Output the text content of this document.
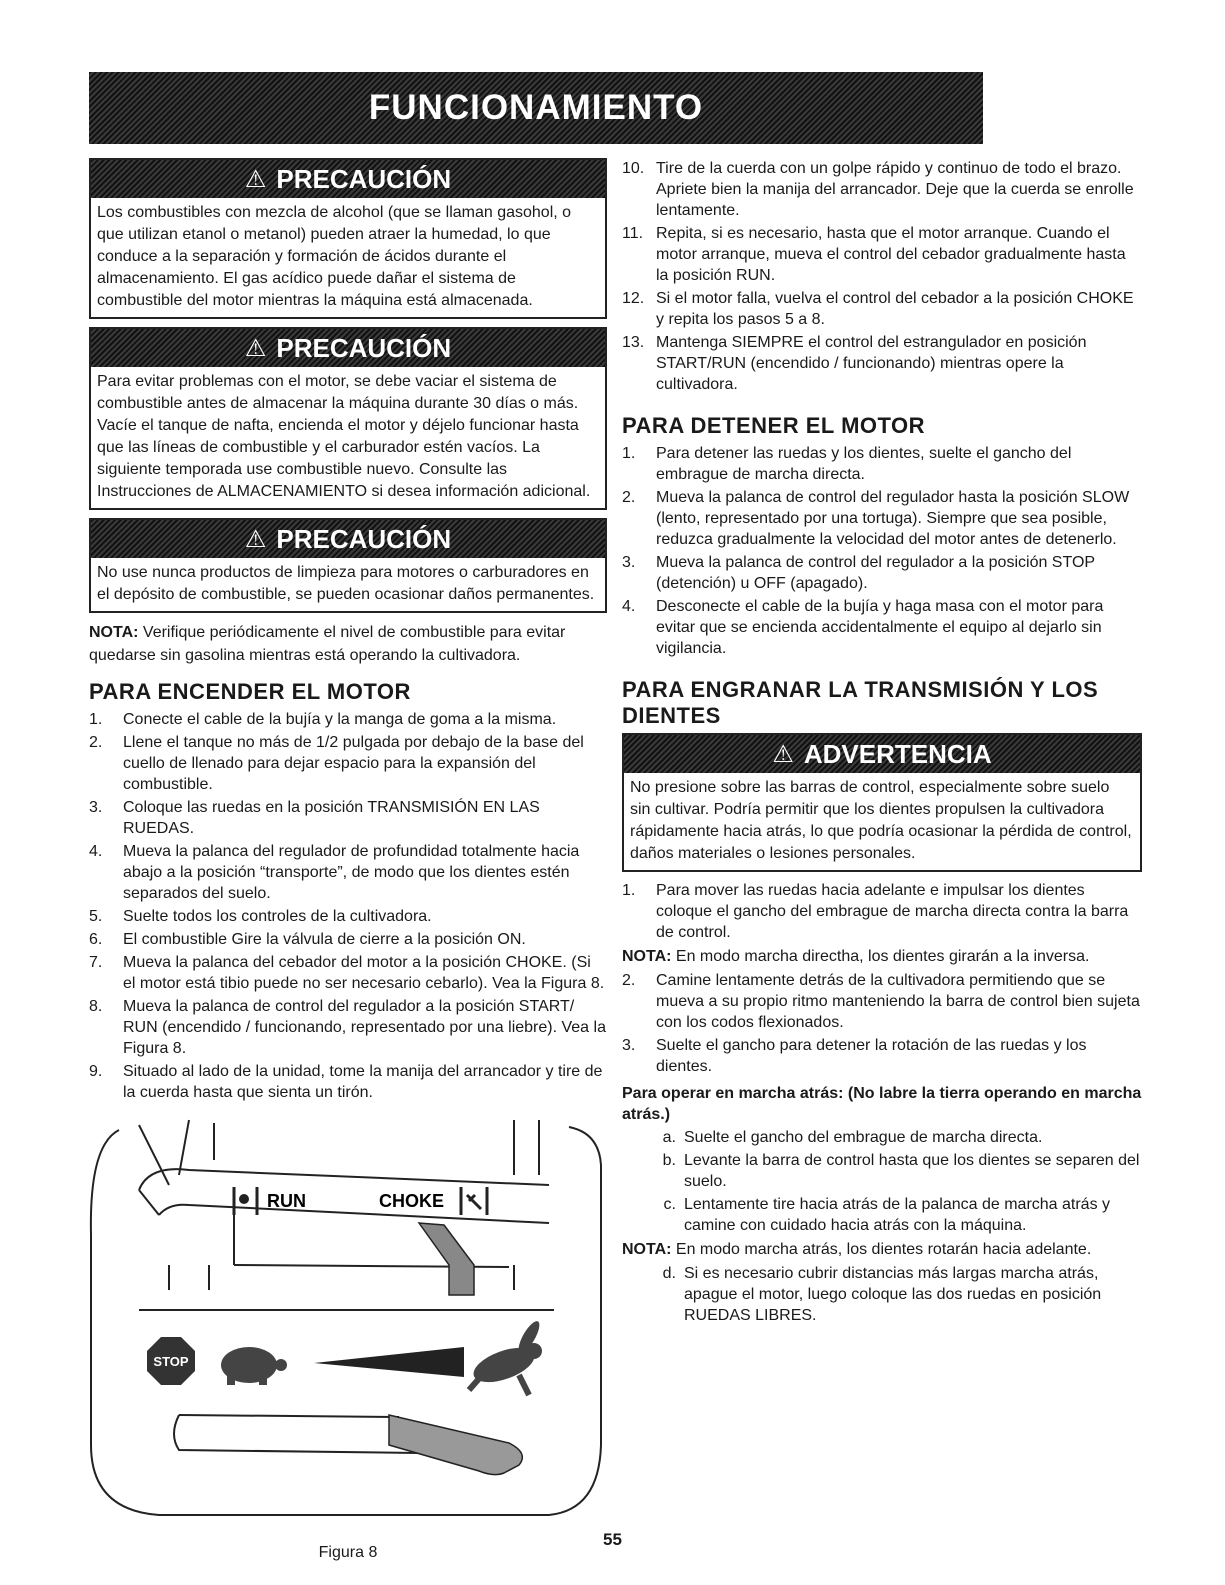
FUNCIONAMIENTO
⚠ PRECAUCIÓN
Los combustibles con mezcla de alcohol (que se llaman gasohol, o que utilizan etanol o metanol) pueden atraer la humedad, lo que conduce a la separación y formación de ácidos durante el almacenamiento. El gas acídico puede dañar el sistema de combustible del motor mientras la máquina está almacenada.
⚠ PRECAUCIÓN
Para evitar problemas con el motor, se debe vaciar el sistema de combustible antes de almacenar la máquina durante 30 días o más. Vacíe el tanque de nafta, encienda el motor y déjelo funcionar hasta que las líneas de combustible y el carburador estén vacíos. La siguiente temporada use combustible nuevo. Consulte las Instrucciones de ALMACENAMIENTO si desea información adicional.
⚠ PRECAUCIÓN
No use nunca productos de limpieza para motores o carburadores en el depósito de combustible, se pueden ocasionar daños permanentes.

NOTA: Verifique periódicamente el nivel de combustible para evitar quedarse sin gasolina mientras está operando la cultivadora.

PARA ENCENDER EL MOTOR
1.	Conecte el cable de la bujía y la manga de goma a la misma.
2.	Llene el tanque no más de 1/2 pulgada por debajo de la base del cuello de llenado para dejar espacio para la expansión del combustible.
3.	Coloque las ruedas en la posición TRANSMISIÓN EN LAS RUEDAS.
4.	Mueva la palanca del regulador de profundidad totalmente hacia abajo a la posición “transporte”, de modo que los dientes estén separados del suelo.
5.	Suelte todos los controles de la cultivadora.
6.	El combustible Gire la válvula de cierre a la posición ON.
7.	Mueva la palanca del cebador del motor a la posición CHOKE. (Si el motor está tibio puede no ser necesario cebarlo). Vea la Figura 8.
8.	Mueva la palanca de control del regulador a la posición START/ RUN (encendido / funcionando, representado por una liebre). Vea la Figura 8.
9.	Situado al lado de la unidad, tome la manija del arrancador y tire de la cuerda hasta que sienta un tirón.
RUN	CHOKE
STOP
Figura 8
10. Tire de la cuerda con un golpe rápido y continuo de todo el brazo. Apriete bien la manija del arrancador. Deje que la cuerda se enrolle lentamente.
11. Repita, si es necesario, hasta que el motor arranque. Cuando el motor arranque, mueva el control del cebador gradualmente hasta la posición RUN.
12. Si el motor falla, vuelva el control del cebador a la posición CHOKE y repita los pasos 5 a 8.
13. Mantenga SIEMPRE el control del estrangulador en posición START/RUN (encendido / funcionando) mientras opere la cultivadora.
PARA DETENER EL MOTOR
1.	Para detener las ruedas y los dientes, suelte el gancho del embrague de marcha directa.
2.	Mueva la palanca de control del regulador hasta la posición SLOW (lento, representado por una tortuga). Siempre que sea posible, reduzca gradualmente la velocidad del motor antes de detenerlo.
3.	Mueva la palanca de control del regulador a la posición STOP (detención) u OFF (apagado).
4.	Desconecte el cable de la bujía y haga masa con el motor para evitar que se encienda accidentalmente el equipo al dejarlo sin vigilancia.
PARA ENGRANAR LA TRANSMISIÓN Y LOS DIENTES
⚠ ADVERTENCIA
No presione sobre las barras de control, especialmente sobre suelo sin cultivar. Podría permitir que los dientes propulsen la cultivadora rápidamente hacia atrás, lo que podría ocasionar la pérdida de control, daños materiales o lesiones personales.
1.	Para mover las ruedas hacia adelante e impulsar los dientes coloque el gancho del embrague de marcha directa contra la barra de control.

NOTA: En modo marcha directha, los dientes girarán a la inversa.

2.	Camine lentamente detrás de la cultivadora permitiendo que se mueva a su propio ritmo manteniendo la barra de control bien sujeta con los codos flexionados.
3.	Suelte el gancho para detener la rotación de las ruedas y los dientes.
Para operar en marcha atrás: (No labre la tierra operando en marcha atrás.)
a. Suelte el gancho del embrague de marcha directa.
b. Levante la barra de control hasta que los dientes se separen del suelo.
c. Lentamente tire hacia atrás de la palanca de marcha atrás y camine con cuidado hacia atrás con la máquina.

NOTA: En modo marcha atrás, los dientes rotarán hacia adelante.

d. Si es necesario cubrir distancias más largas marcha atrás, apague el motor, luego coloque las dos ruedas en posición RUEDAS LIBRES.
55
